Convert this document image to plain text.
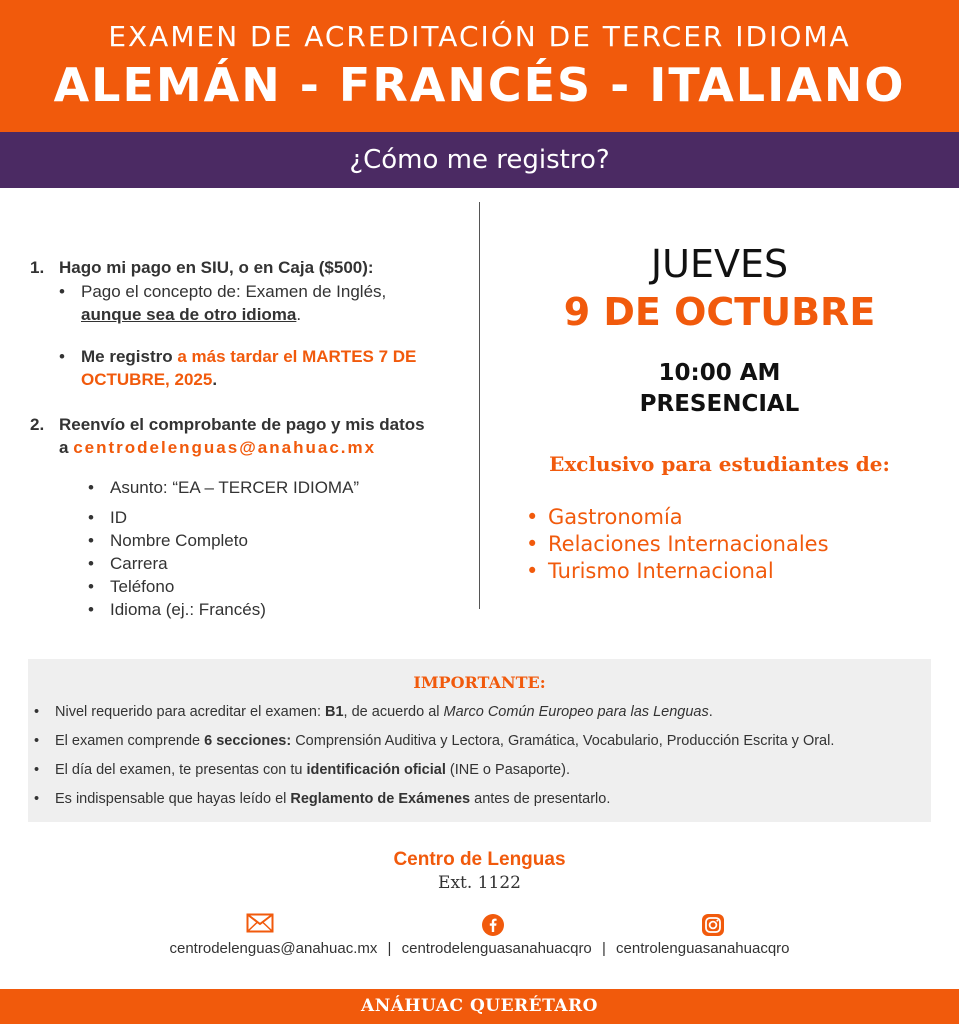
EXAMEN DE ACREDITACIÓN DE TERCER IDIOMA
ALEMÁN - FRANCÉS - ITALIANO
¿Cómo me registro?
1. Hago mi pago en SIU, o en Caja ($500):
• Pago el concepto de: Examen de Inglés,
aunque sea de otro idioma.
• Me registro a más tardar el MARTES 7 DE
OCTUBRE, 2025.
2. Reenvío el comprobante de pago y mis datos
a centrodelenguas@anahuac.mx
• Asunto: “EA – TERCER IDIOMA”
• ID
• Nombre Completo
• Carrera
• Teléfono
• Idioma (ej.: Francés)
JUEVES
9 DE OCTUBRE
10:00 AM
PRESENCIAL
Exclusivo para estudiantes de:
• Gastronomía
• Relaciones Internacionales
• Turismo Internacional
IMPORTANTE:
• Nivel requerido para acreditar el examen: B1, de acuerdo al Marco Común Europeo para las Lenguas.
• El examen comprende 6 secciones: Comprensión Auditiva y Lectora, Gramática, Vocabulario, Producción Escrita y Oral.
• El día del examen, te presentas con tu identificación oficial (INE o Pasaporte).
• Es indispensable que hayas leído el Reglamento de Exámenes antes de presentarlo.
Centro de Lenguas
Ext. 1122
centrodelenguas@anahuac.mx | centrodelenguasanahuacqro | centrolenguasanahuacqro
ANÁHUAC QUERÉTARO
